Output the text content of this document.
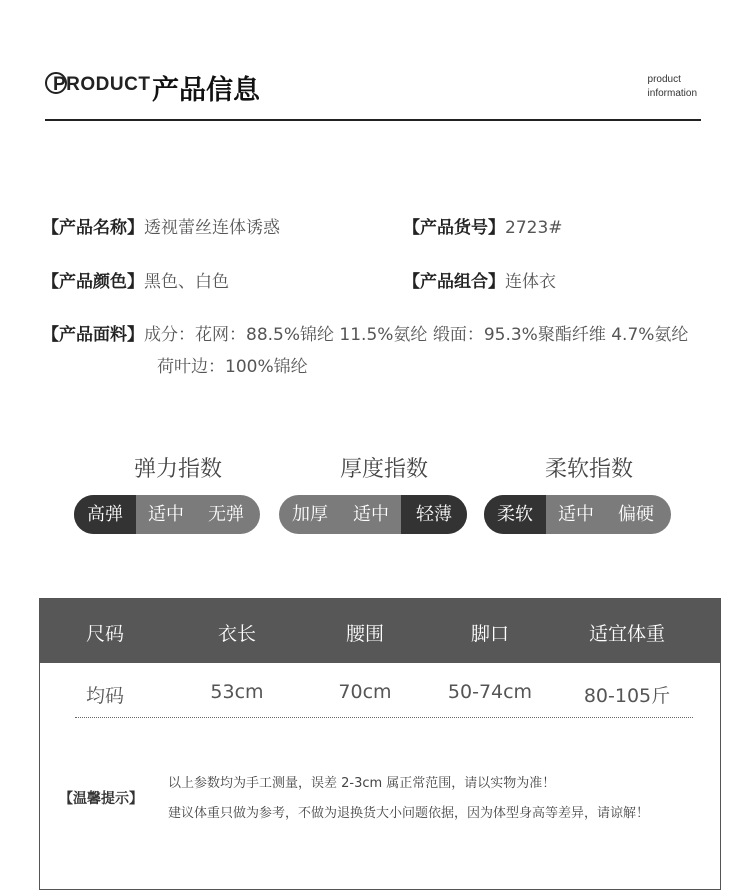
PRODUCT 产品信息	product
information
【产品名称】透视蕾丝连体诱惑	【产品货号】2723#
【产品颜色】黑色、白色	【产品组合】连体衣
【产品面料】成分：花网：88.5%锦纶 11.5%氨纶 缎面：95.3%聚酯纤维 4.7%氨纶
荷叶边：100%锦纶
弹力指数	厚度指数	柔软指数
高弹	适中	无弹	加厚	适中	轻薄	柔软	适中	偏硬
尺码	衣长	腰围	脚口	适宜体重
均码	53cm	70cm	50-74cm	80-105斤
【温馨提示】
以上参数均为手工测量，误差 2-3cm 属正常范围，请以实物为准！
建议体重只做为参考，不做为退换货大小问题依据，因为体型身高等差异，请谅解！
